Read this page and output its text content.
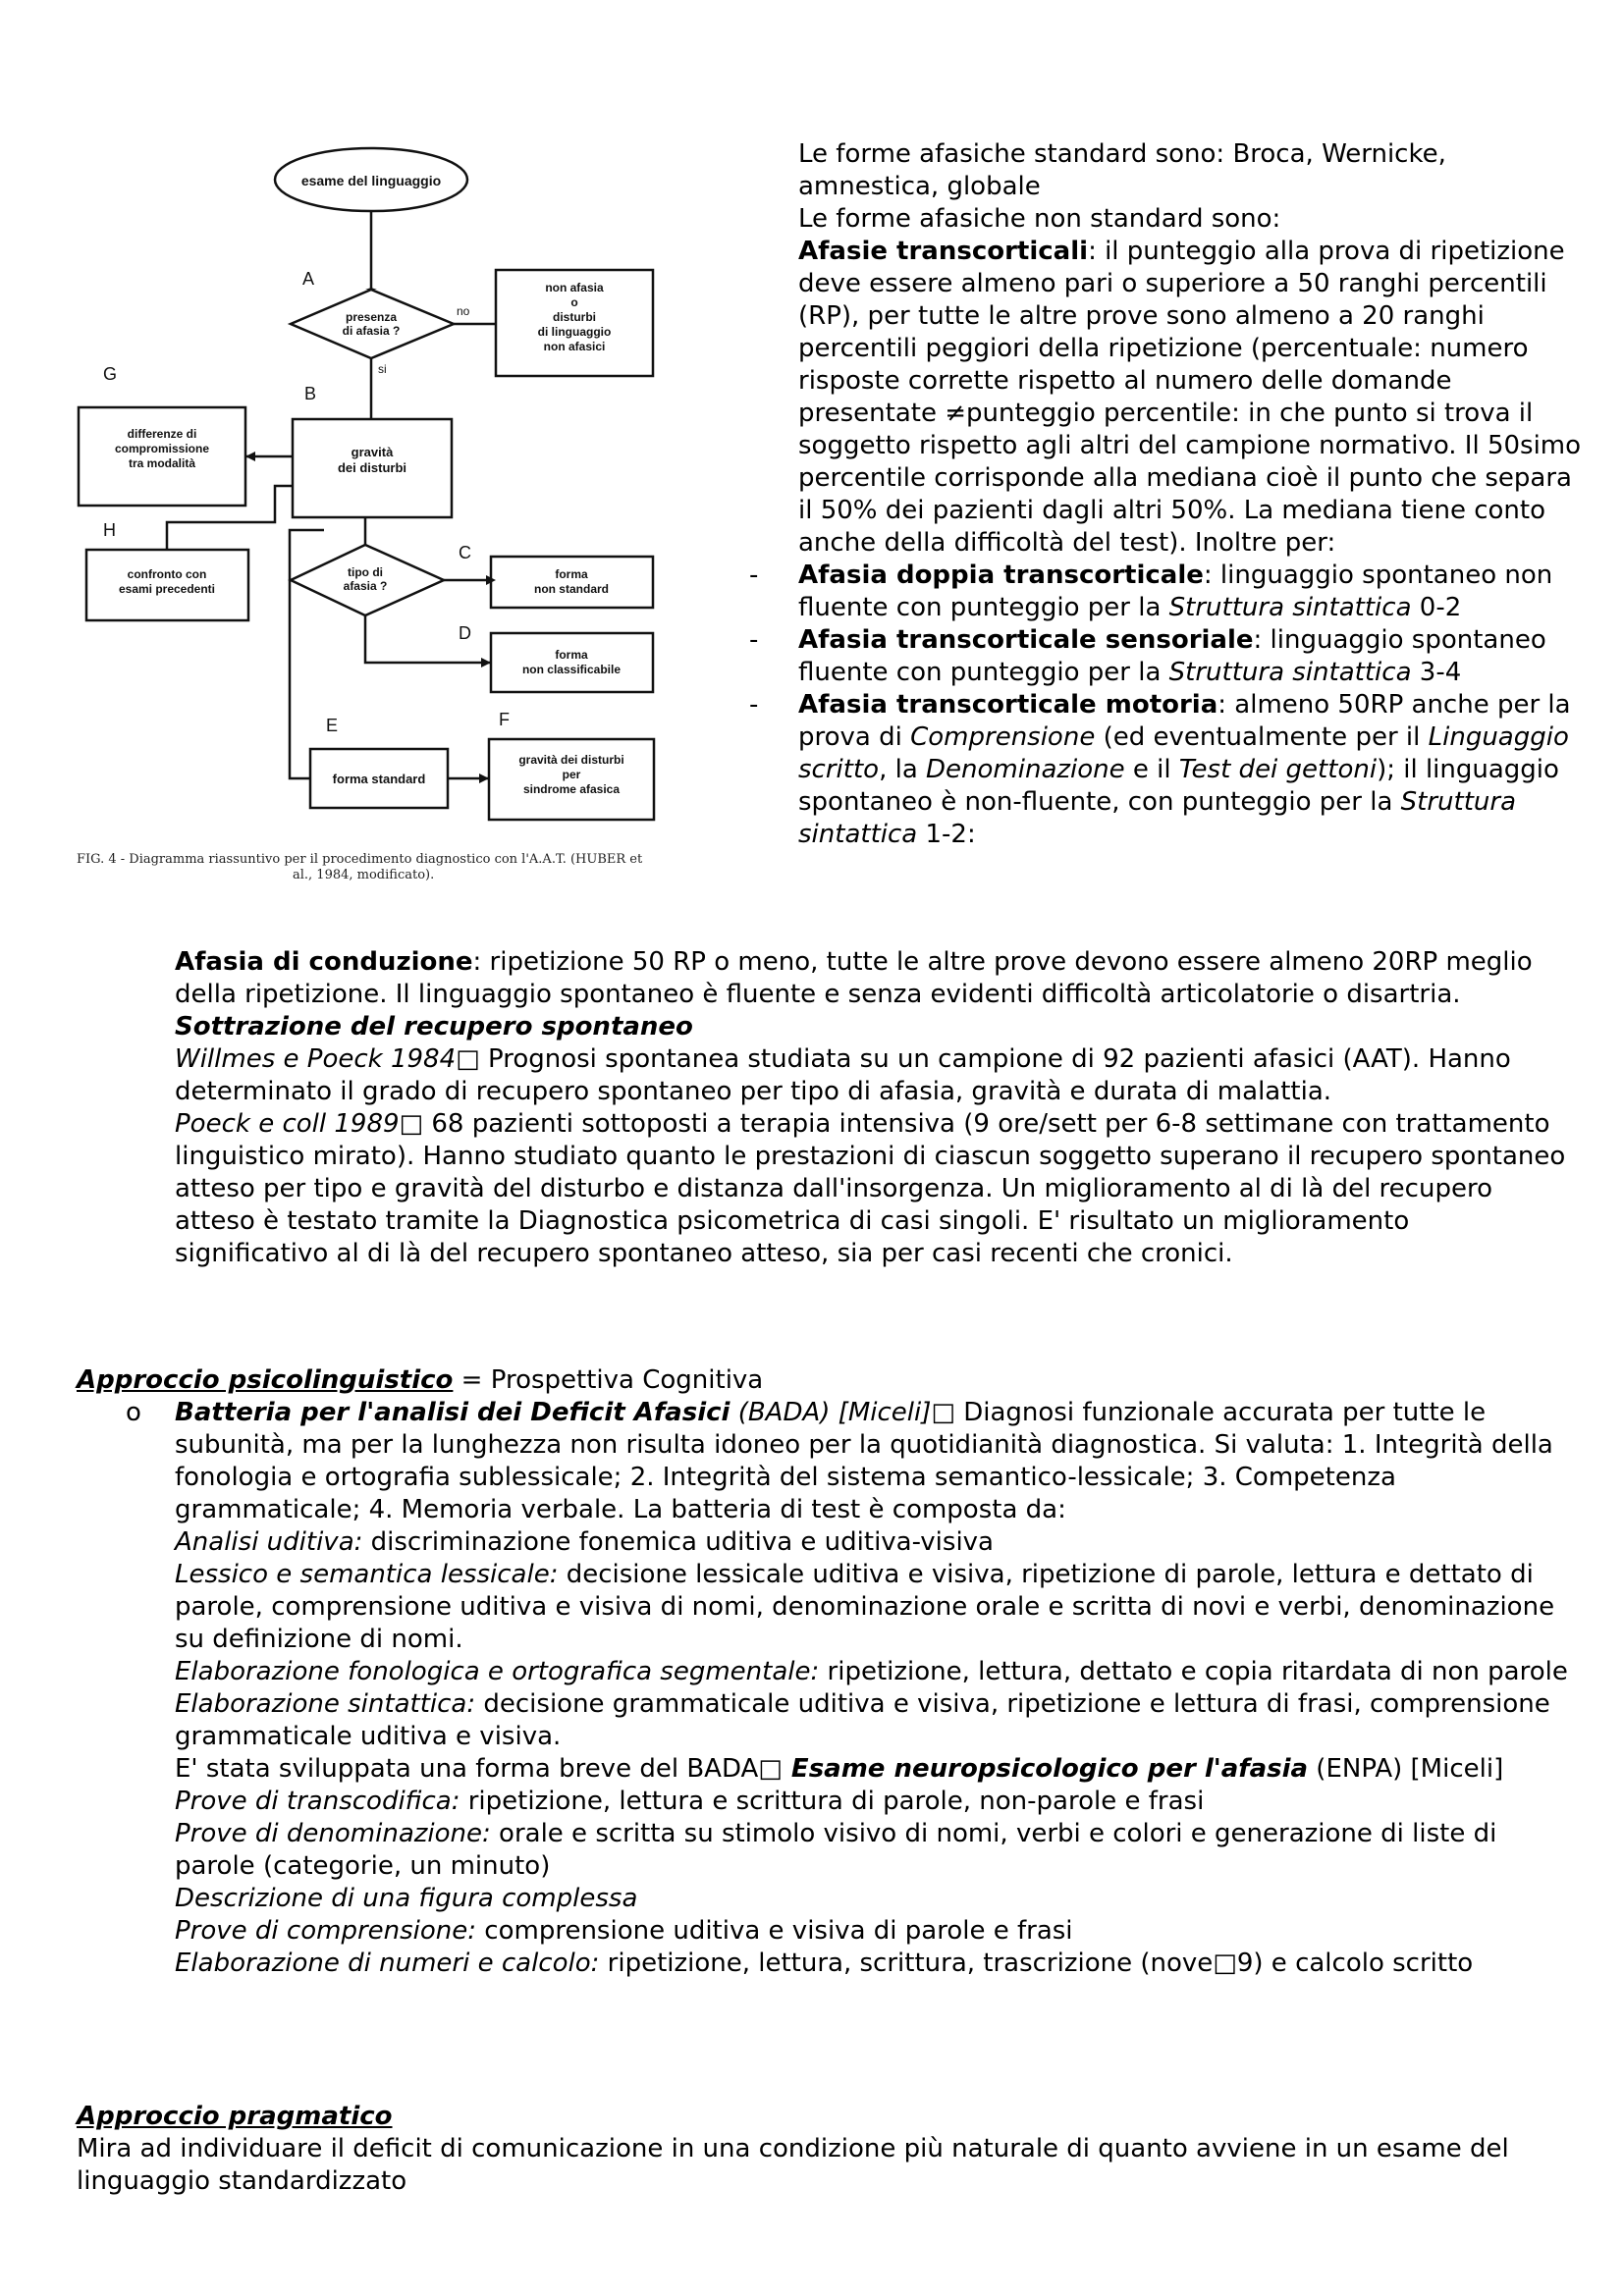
esame del linguaggio
A
presenza
di afasia ?
no
non afasia
o
disturbi
di linguaggio
non afasici
si
B
G
gravità
dei disturbi
differenze di
compromissione
tra modalità
H
confronto con
esami precedenti
tipo di
afasia ?
C
forma
non standard
D
forma
non classificabile
E	F
forma standard
gravità dei disturbi
per
sindrome afasica
FIG. 4 - Diagramma riassuntivo per il procedimento diagnostico con l'A.A.T. (HUBER et
al., 1984, modificato).
Le forme afasiche standard sono: Broca, Wernicke, amnestica, globale
Le forme afasiche non standard sono:
Afasie transcorticali: il punteggio alla prova di ripetizione deve essere almeno pari o superiore a 50 ranghi percentili (RP), per tutte le altre prove sono almeno a 20 ranghi percentili peggiori della ripetizione (percentuale: numero risposte corrette rispetto al numero delle domande presentate ≠punteggio percentile: in che punto si trova il soggetto rispetto agli altri del campione normativo. Il 50simo percentile corrisponde alla mediana cioè il punto che separa il 50% dei pazienti dagli altri 50%. La mediana tiene conto anche della difficoltà del test). Inoltre per:
- Afasia doppia transcorticale: linguaggio spontaneo non fluente con punteggio per la Struttura sintattica 0-2
- Afasia transcorticale sensoriale: linguaggio spontaneo fluente con punteggio per la Struttura sintattica 3-4
- Afasia transcorticale motoria: almeno 50RP anche per la prova di Comprensione (ed eventualmente per il Linguaggio scritto, la Denominazione e il Test dei gettoni); il linguaggio spontaneo è non-fluente, con punteggio per la Struttura sintattica 1-2:
Afasia di conduzione: ripetizione 50 RP o meno, tutte le altre prove devono essere almeno 20RP meglio della ripetizione. Il linguaggio spontaneo è fluente e senza evidenti difficoltà articolatorie o disartria.
Sottrazione del recupero spontaneo
Willmes e Poeck 1984□ Prognosi spontanea studiata su un campione di 92 pazienti afasici (AAT). Hanno determinato il grado di recupero spontaneo per tipo di afasia, gravità e durata di malattia.
Poeck e coll 1989□ 68 pazienti sottoposti a terapia intensiva (9 ore/sett per 6-8 settimane con trattamento linguistico mirato). Hanno studiato quanto le prestazioni di ciascun soggetto superano il recupero spontaneo atteso per tipo e gravità del disturbo e distanza dall'insorgenza. Un miglioramento al di là del recupero atteso è testato tramite la Diagnostica psicometrica di casi singoli. E' risultato un miglioramento significativo al di là del recupero spontaneo atteso, sia per casi recenti che cronici.
Approccio psicolinguistico = Prospettiva Cognitiva
o Batteria per l'analisi dei Deficit Afasici (BADA) [Miceli]□ Diagnosi funzionale accurata per tutte le subunità, ma per la lunghezza non risulta idoneo per la quotidianità diagnostica. Si valuta: 1. Integrità della fonologia e ortografia sublessicale; 2. Integrità del sistema semantico-lessicale; 3. Competenza grammaticale; 4. Memoria verbale. La batteria di test è composta da:
Analisi uditiva: discriminazione fonemica uditiva e uditiva-visiva
Lessico e semantica lessicale: decisione lessicale uditiva e visiva, ripetizione di parole, lettura e dettato di parole, comprensione uditiva e visiva di nomi, denominazione orale e scritta di novi e verbi, denominazione su definizione di nomi.
Elaborazione fonologica e ortografica segmentale: ripetizione, lettura, dettato e copia ritardata di non parole
Elaborazione sintattica: decisione grammaticale uditiva e visiva, ripetizione e lettura di frasi, comprensione grammaticale uditiva e visiva.
E' stata sviluppata una forma breve del BADA□ Esame neuropsicologico per l'afasia (ENPA) [Miceli]
Prove di transcodifica: ripetizione, lettura e scrittura di parole, non-parole e frasi
Prove di denominazione: orale e scritta su stimolo visivo di nomi, verbi e colori e generazione di liste di parole (categorie, un minuto)
Descrizione di una figura complessa
Prove di comprensione: comprensione uditiva e visiva di parole e frasi
Elaborazione di numeri e calcolo: ripetizione, lettura, scrittura, trascrizione (nove□9) e calcolo scritto
Approccio pragmatico
Mira ad individuare il deficit di comunicazione in una condizione più naturale di quanto avviene in un esame del linguaggio standardizzato
